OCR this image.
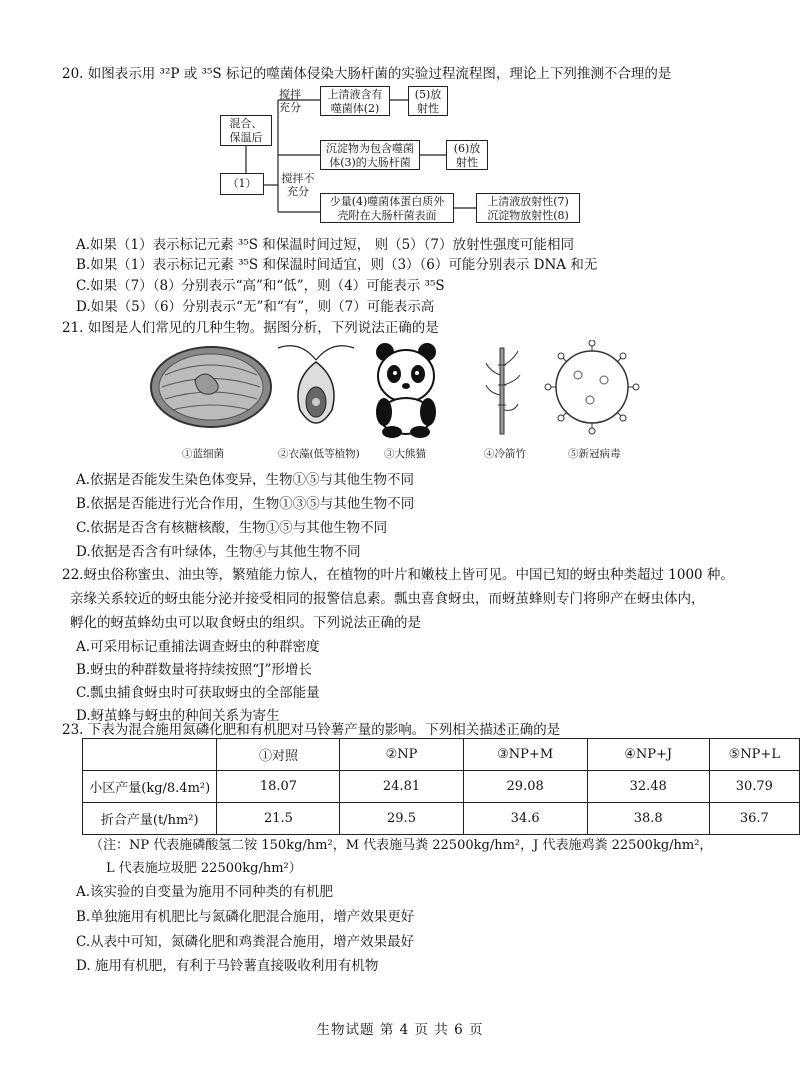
20. 如图表示用 ³²P 或 ³⁵S 标记的噬菌体侵染大肠杆菌的实验过程流程图，理论上下列推测不合理的是
混合、保温后
（1）
搅拌充分
搅拌不充分
上清液含有噬菌体(2)
(5)放射性
沉淀物为包含噬菌体(3)的大肠杆菌
(6)放射性
少量(4)噬菌体蛋白质外壳附在大肠杆菌表面
上清液放射性(7) 沉淀物放射性(8)
A.如果（1）表示标记元素 ³⁵S 和保温时间过短， 则（5）（7）放射性强度可能相同
B.如果（1）表示标记元素 ³⁵S 和保温时间适宜，则（3）（6）可能分别表示 DNA 和无
C.如果（7）（8）分别表示“高”和“低”，则（4）可能表示 ³⁵S
D.如果（5）（6）分别表示“无”和“有”，则（7）可能表示高
21. 如图是人们常见的几种生物。据图分析，下列说法正确的是
①蓝细菌	②衣藻(低等植物) ③大熊猫	④冷箭竹	⑤新冠病毒
A.依据是否能发生染色体变异，生物①⑤与其他生物不同
B.依据是否能进行光合作用，生物①③⑤与其他生物不同
C.依据是否含有核糖核酸，生物①⑤与其他生物不同
D.依据是否含有叶绿体，生物④与其他生物不同
22.蚜虫俗称蜜虫、油虫等，繁殖能力惊人，在植物的叶片和嫩枝上皆可见。中国已知的蚜虫种类超过 1000 种。
亲缘关系较近的蚜虫能分泌并接受相同的报警信息素。瓢虫喜食蚜虫，而蚜茧蜂则专门将卵产在蚜虫体内，
孵化的蚜茧蜂幼虫可以取食蚜虫的组织。下列说法正确的是
A.可采用标记重捕法调查蚜虫的种群密度
B.蚜虫的种群数量将持续按照“J”形增长
C.瓢虫捕食蚜虫时可获取蚜虫的全部能量
D.蚜茧蜂与蚜虫的种间关系为寄生
23. 下表为混合施用氮磷化肥和有机肥对马铃薯产量的影响。下列相关描述正确的是
	①对照	②NP	③NP+M	④NP+J	⑤NP+L
小区产量(kg/8.4m²)	18.07	24.81	29.08	32.48	30.79
折合产量(t/hm²)	21.5	29.5	34.6	38.8	36.7
（注：NP 代表施磷酸氢二铵 150kg/hm²，M 代表施马粪 22500kg/hm²，J 代表施鸡粪 22500kg/hm²，
L 代表施垃圾肥 22500kg/hm²）
A.该实验的自变量为施用不同种类的有机肥
B.单独施用有机肥比与氮磷化肥混合施用，增产效果更好
C.从表中可知，氮磷化肥和鸡粪混合施用，增产效果最好
D. 施用有机肥，有利于马铃薯直接吸收利用有机物
生物试题 第 4 页 共 6 页
